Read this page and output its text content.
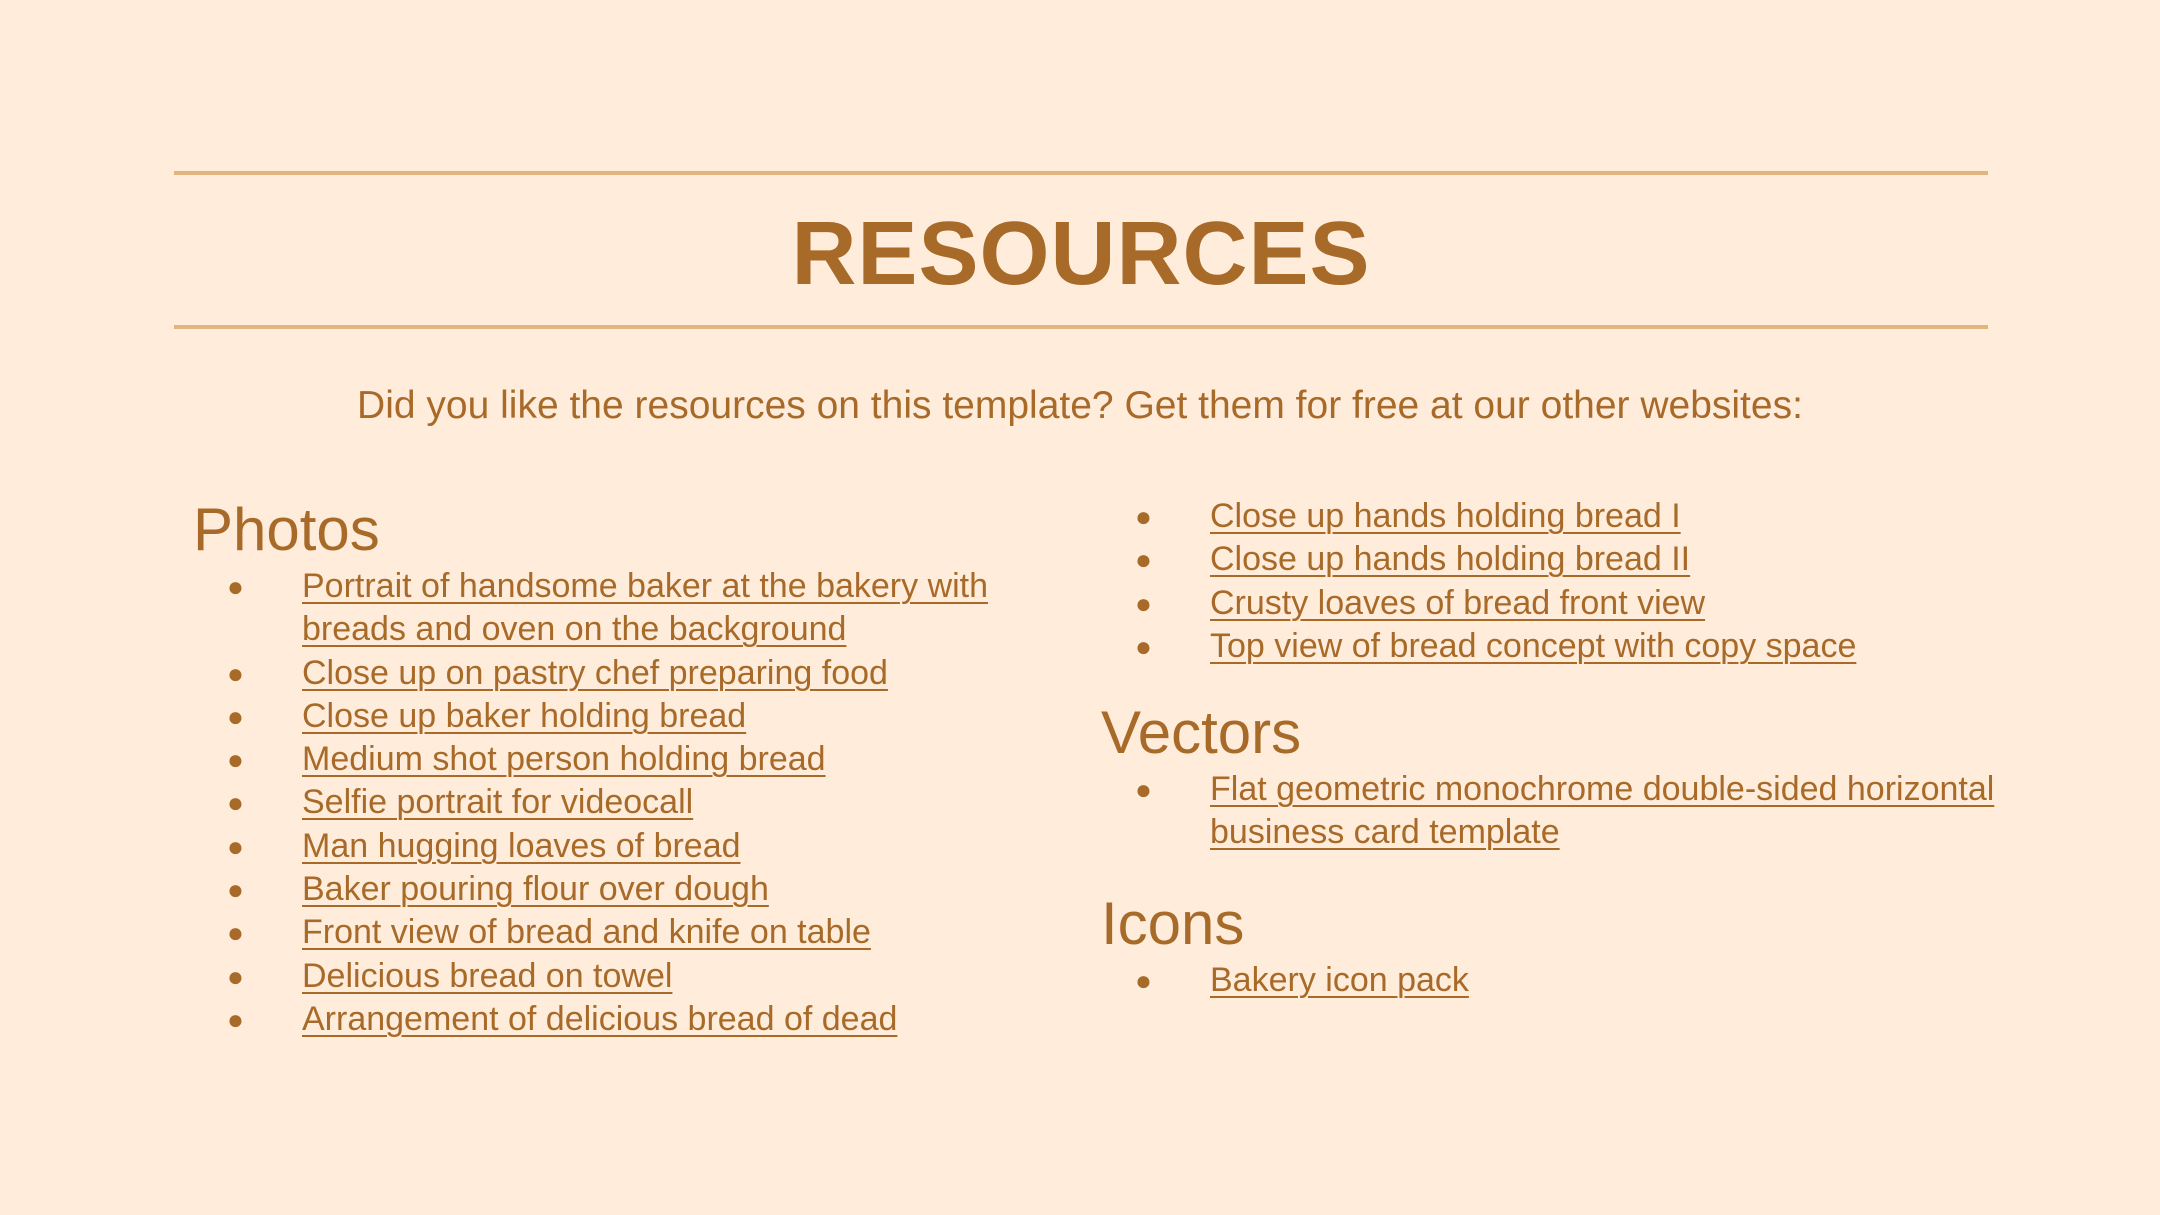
RESOURCES
Did you like the resources on this template? Get them for free at our other websites:
Photos
● Portrait of handsome baker at the bakery with breads and oven on the background
● Close up on pastry chef preparing food
● Close up baker holding bread
● Medium shot person holding bread
● Selfie portrait for videocall
● Man hugging loaves of bread
● Baker pouring flour over dough
● Front view of bread and knife on table
● Delicious bread on towel
● Arrangement of delicious bread of dead
● Close up hands holding bread I
● Close up hands holding bread II
● Crusty loaves of bread front view
● Top view of bread concept with copy space
Vectors
● Flat geometric monochrome double-sided horizontal business card template
Icons
● Bakery icon pack
